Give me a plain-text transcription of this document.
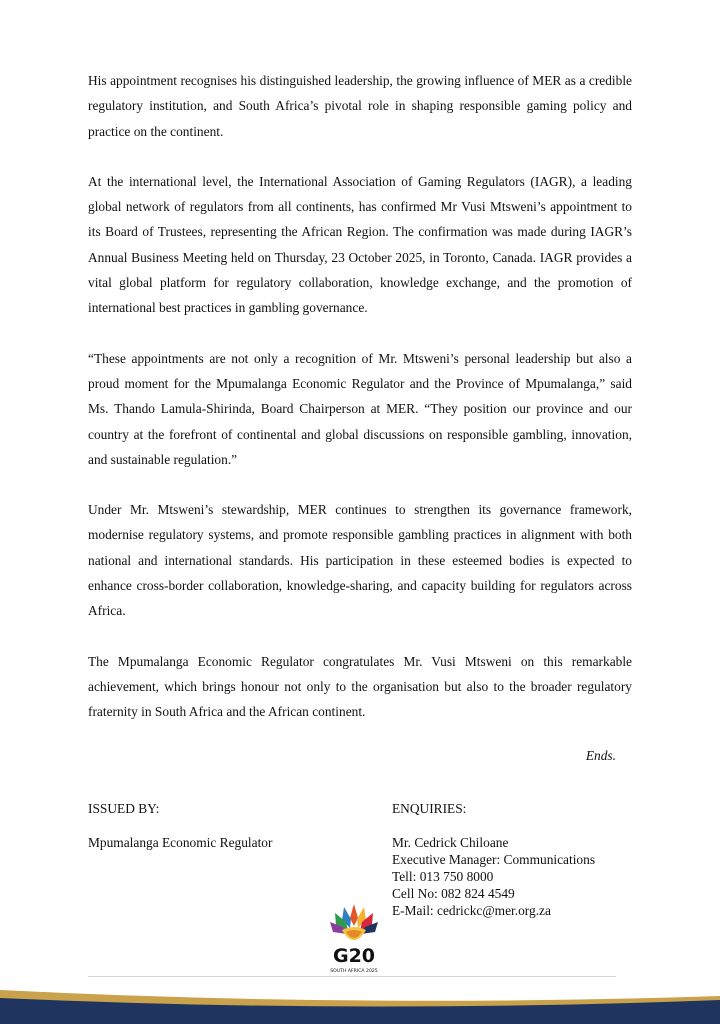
His appointment recognises his distinguished leadership, the growing influence of MER as a credible regulatory institution, and South Africa’s pivotal role in shaping responsible gaming policy and practice on the continent.

At the international level, the International Association of Gaming Regulators (IAGR), a leading global network of regulators from all continents, has confirmed Mr Vusi Mtsweni’s appointment to its Board of Trustees, representing the African Region. The confirmation was made during IAGR’s Annual Business Meeting held on Thursday, 23 October 2025, in Toronto, Canada. IAGR provides a vital global platform for regulatory collaboration, knowledge exchange, and the promotion of international best practices in gambling governance.

“These appointments are not only a recognition of Mr. Mtsweni’s personal leadership but also a proud moment for the Mpumalanga Economic Regulator and the Province of Mpumalanga,” said Ms. Thando Lamula-Shirinda, Board Chairperson at MER. “They position our province and our country at the forefront of continental and global discussions on responsible gambling, innovation, and sustainable regulation.”

Under Mr. Mtsweni’s stewardship, MER continues to strengthen its governance framework, modernise regulatory systems, and promote responsible gambling practices in alignment with both national and international standards. His participation in these esteemed bodies is expected to enhance cross-border collaboration, knowledge-sharing, and capacity building for regulators across Africa.

The Mpumalanga Economic Regulator congratulates Mr. Vusi Mtsweni on this remarkable achievement, which brings honour not only to the organisation but also to the broader regulatory fraternity in South Africa and the African continent.

Ends.
ISSUED BY:
Mpumalanga Economic Regulator
ENQUIRIES:
Mr. Cedrick Chiloane
Executive Manager: Communications
Tell: 013 750 8000
Cell No: 082 824 4549
E-Mail: cedrickc@mer.org.za
G20
SOUTH AFRICA 2025
